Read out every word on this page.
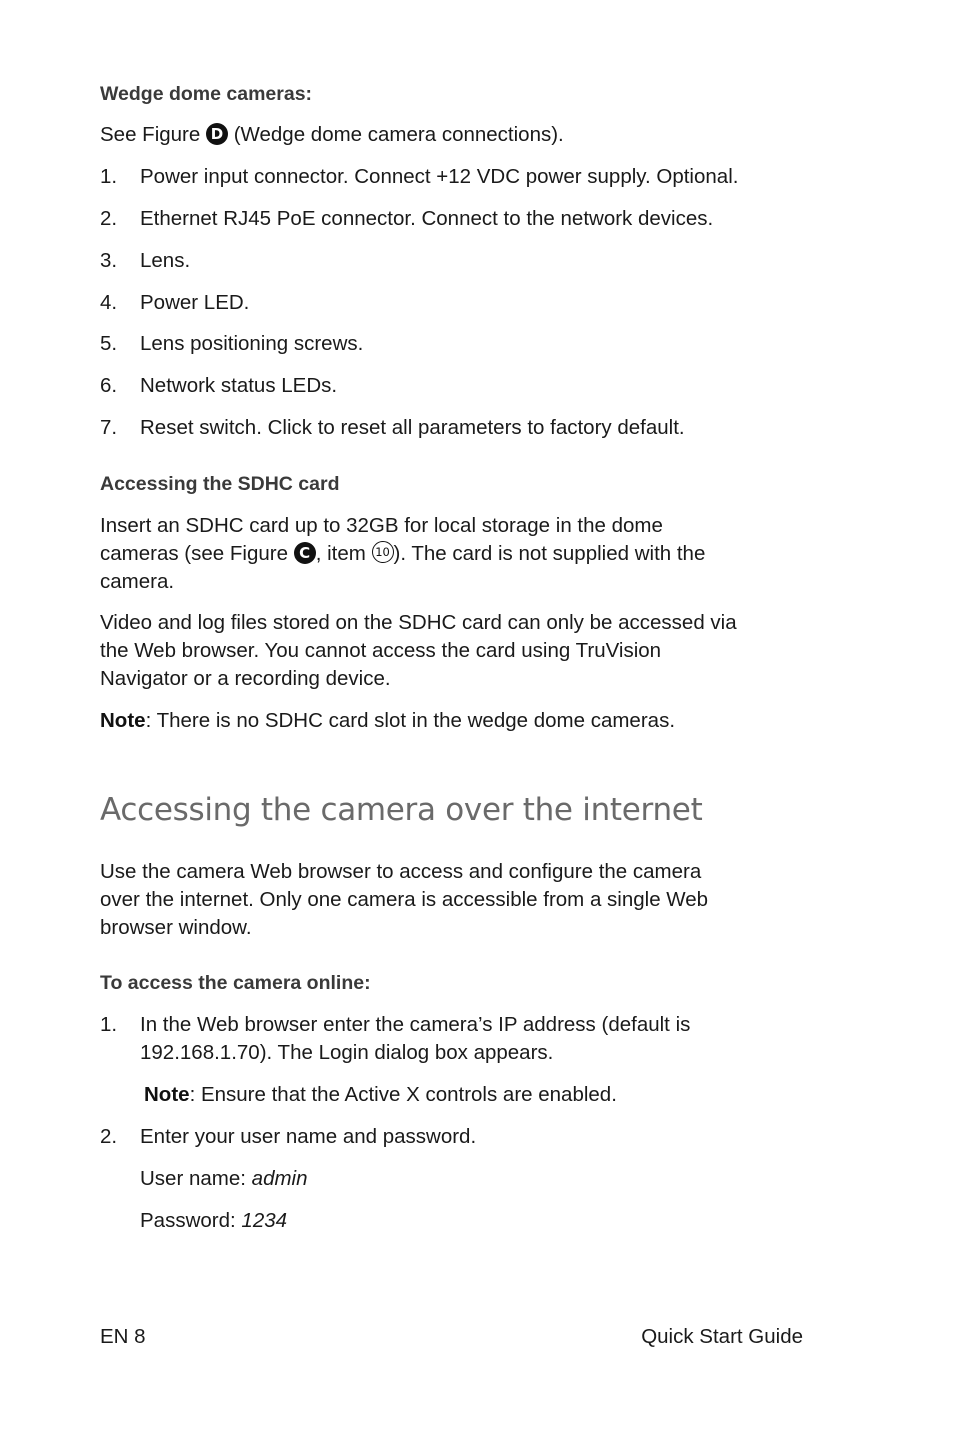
Wedge dome cameras:
See Figure D (Wedge dome camera connections).
1. Power input connector. Connect +12 VDC power supply. Optional.
2. Ethernet RJ45 PoE connector. Connect to the network devices.
3. Lens.
4. Power LED.
5. Lens positioning screws.
6. Network status LEDs.
7. Reset switch. Click to reset all parameters to factory default.
Accessing the SDHC card
Insert an SDHC card up to 32GB for local storage in the dome
cameras (see Figure C , item 10 ). The card is not supplied with the
camera.
Video and log files stored on the SDHC card can only be accessed via
the Web browser. You cannot access the card using TruVision
Navigator or a recording device.
Note: There is no SDHC card slot in the wedge dome cameras.
Accessing the camera over the internet
Use the camera Web browser to access and configure the camera
over the internet. Only one camera is accessible from a single Web
browser window.
To access the camera online:
1. In the Web browser enter the camera’s IP address (default is
192.168.1.70). The Login dialog box appears.
Note: Ensure that the Active X controls are enabled.
2. Enter your user name and password.
User name: admin
Password: 1234
EN 8	Quick Start Guide
